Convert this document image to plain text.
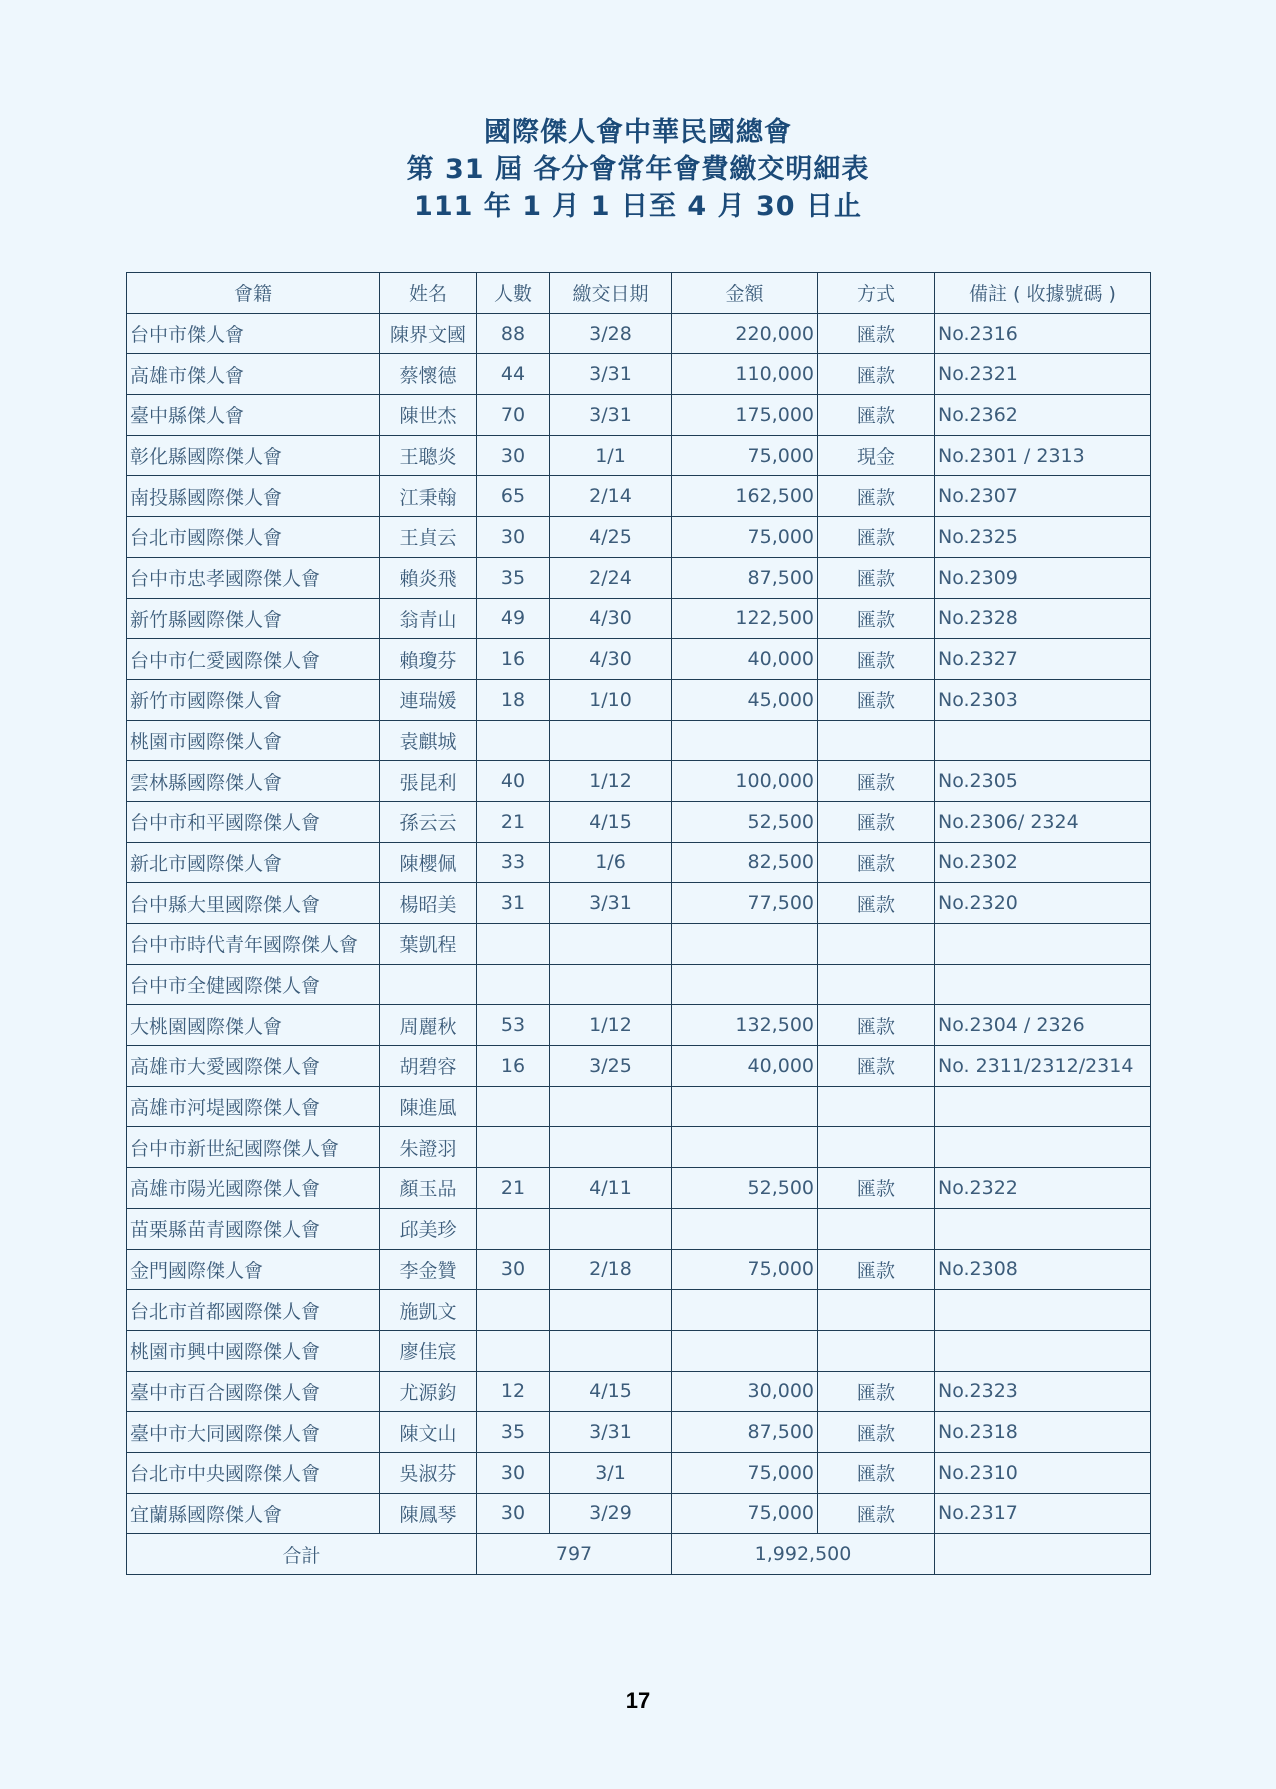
國際傑人會中華民國總會
第 31 屆 各分會常年會費繳交明細表
111 年 1 月 1 日至 4 月 30 日止
會籍	姓名	人數	繳交日期	金額	方式	備註 ( 收據號碼 )
台中市傑人會	陳界文國	88	3/28	220,000	匯款	No.2316
高雄市傑人會	蔡懷德	44	3/31	110,000	匯款	No.2321
臺中縣傑人會	陳世杰	70	3/31	175,000	匯款	No.2362
彰化縣國際傑人會	王聰炎	30	1/1	75,000	現金	No.2301 / 2313
南投縣國際傑人會	江秉翰	65	2/14	162,500	匯款	No.2307
台北市國際傑人會	王貞云	30	4/25	75,000	匯款	No.2325
台中市忠孝國際傑人會	賴炎飛	35	2/24	87,500	匯款	No.2309
新竹縣國際傑人會	翁青山	49	4/30	122,500	匯款	No.2328
台中市仁愛國際傑人會	賴瓊芬	16	4/30	40,000	匯款	No.2327
新竹市國際傑人會	連瑞媛	18	1/10	45,000	匯款	No.2303
桃園市國際傑人會	袁麒城					
雲林縣國際傑人會	張昆利	40	1/12	100,000	匯款	No.2305
台中市和平國際傑人會	孫云云	21	4/15	52,500	匯款	No.2306/ 2324
新北市國際傑人會	陳櫻佩	33	1/6	82,500	匯款	No.2302
台中縣大里國際傑人會	楊昭美	31	3/31	77,500	匯款	No.2320
台中市時代青年國際傑人會	葉凱程					
台中市全健國際傑人會						
大桃園國際傑人會	周麗秋	53	1/12	132,500	匯款	No.2304 / 2326
高雄市大愛國際傑人會	胡碧容	16	3/25	40,000	匯款	No. 2311/2312/2314
高雄市河堤國際傑人會	陳進風					
台中市新世紀國際傑人會	朱證羽					
高雄市陽光國際傑人會	顏玉品	21	4/11	52,500	匯款	No.2322
苗栗縣苗青國際傑人會	邱美珍					
金門國際傑人會	李金贊	30	2/18	75,000	匯款	No.2308
台北市首都國際傑人會	施凱文					
桃園市興中國際傑人會	廖佳宸					
臺中市百合國際傑人會	尤源鈞	12	4/15	30,000	匯款	No.2323
臺中市大同國際傑人會	陳文山	35	3/31	87,500	匯款	No.2318
台北市中央國際傑人會	吳淑芬	30	3/1	75,000	匯款	No.2310
宜蘭縣國際傑人會	陳鳳琴	30	3/29	75,000	匯款	No.2317
合計		797		1,992,500		
17
